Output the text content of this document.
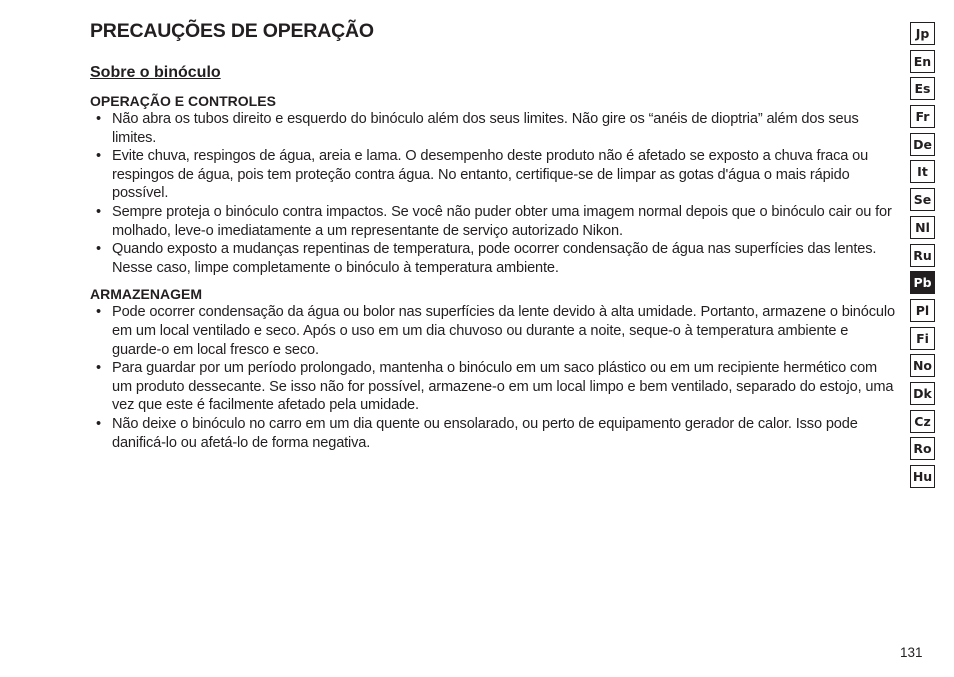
PRECAUÇÕES DE OPERAÇÃO
Sobre o binóculo
OPERAÇÃO E CONTROLES
• Não abra os tubos direito e esquerdo do binóculo além dos seus limites. Não gire os “anéis de dioptria” além dos seus limites.
• Evite chuva, respingos de água, areia e lama. O desempenho deste produto não é afetado se exposto a chuva fraca ou respingos de água, pois tem proteção contra água. No entanto, certifique-se de limpar as gotas d'água o mais rápido possível.
• Sempre proteja o binóculo contra impactos. Se você não puder obter uma imagem normal depois que o binóculo cair ou for molhado, leve-o imediatamente a um representante de serviço autorizado Nikon.
• Quando exposto a mudanças repentinas de temperatura, pode ocorrer condensação de água nas superfícies das lentes. Nesse caso, limpe completamente o binóculo à temperatura ambiente.
ARMAZENAGEM
• Pode ocorrer condensação da água ou bolor nas superfícies da lente devido à alta umidade. Portanto, armazene o binóculo em um local ventilado e seco. Após o uso em um dia chuvoso ou durante a noite, seque-o à temperatura ambiente e guarde-o em local fresco e seco.
• Para guardar por um período prolongado, mantenha o binóculo em um saco plástico ou em um recipiente hermético com um produto dessecante. Se isso não for possível, armazene-o em um local limpo e bem ventilado, separado do estojo, uma vez que este é facilmente afetado pela umidade.
• Não deixe o binóculo no carro em um dia quente ou ensolarado, ou perto de equipamento gerador de calor. Isso pode danificá-lo ou afetá-lo de forma negativa.
Jp
En
Es
Fr
De
It
Se
Nl
Ru
Pb
Pl
Fi
No
Dk
Cz
Ro
Hu
131
